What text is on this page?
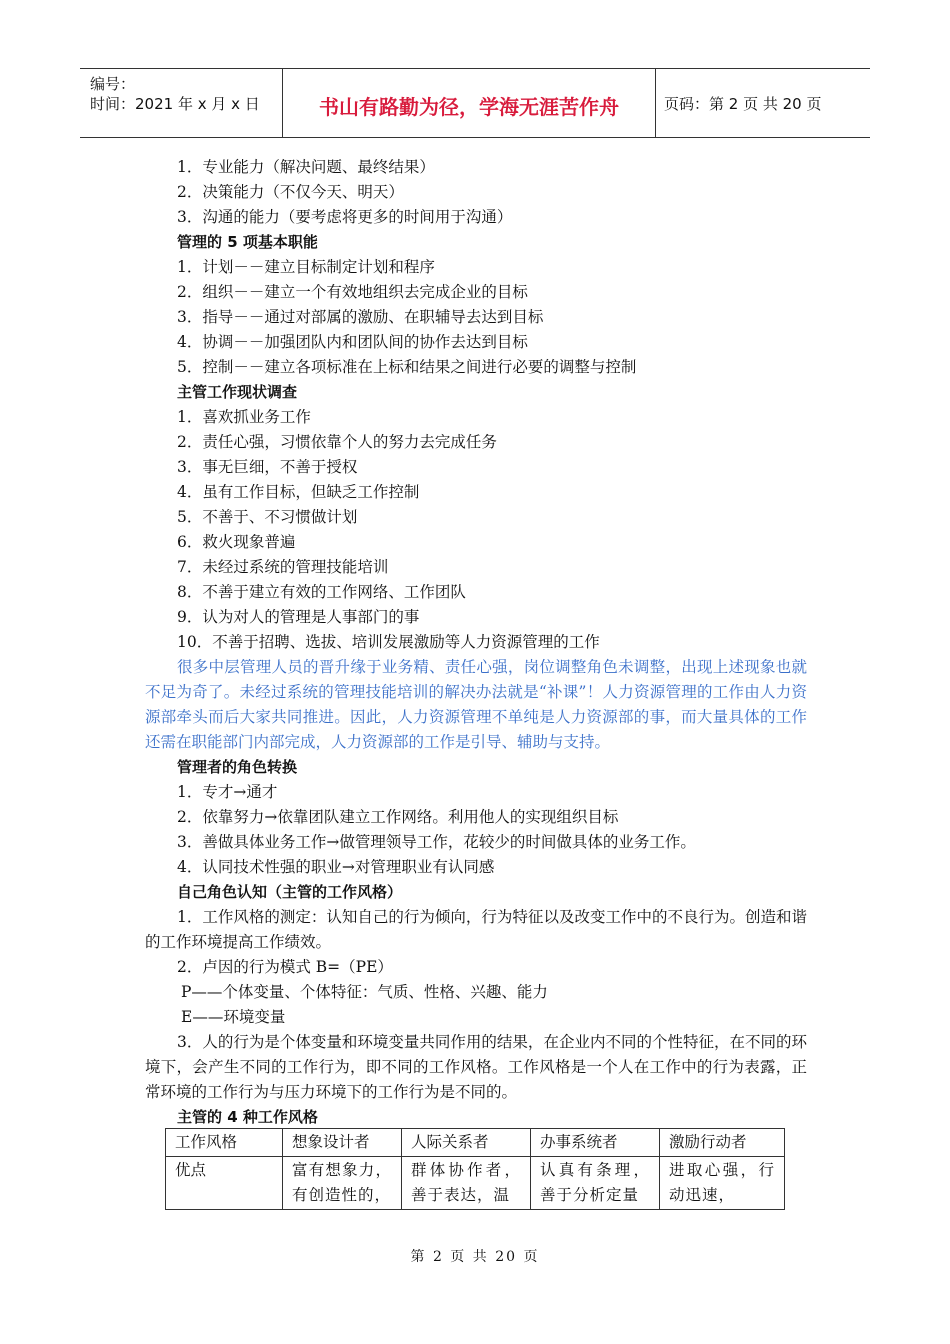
编号：
时间：2021 年 x 月 x 日	书山有路勤为径，学海无涯苦作舟	页码：第 2 页 共 20 页
1．专业能力（解决问题、最终结果）
2．决策能力（不仅今天、明天）
3．沟通的能力（要考虑将更多的时间用于沟通）
管理的 5 项基本职能
1．计划－－建立目标制定计划和程序
2．组织－－建立一个有效地组织去完成企业的目标
3．指导－－通过对部属的激励、在职辅导去达到目标
4．协调－－加强团队内和团队间的协作去达到目标
5．控制－－建立各项标准在上标和结果之间进行必要的调整与控制
主管工作现状调查
1．喜欢抓业务工作
2．责任心强，习惯依靠个人的努力去完成任务
3．事无巨细，不善于授权
4．虽有工作目标，但缺乏工作控制
5．不善于、不习惯做计划
6．救火现象普遍
7．未经过系统的管理技能培训
8．不善于建立有效的工作网络、工作团队
9．认为对人的管理是人事部门的事
10．不善于招聘、选拔、培训发展激励等人力资源管理的工作
很多中层管理人员的晋升缘于业务精、责任心强，岗位调整角色未调整，出现上述现象也就不足为奇了。未经过系统的管理技能培训的解决办法就是“补课”！人力资源管理的工作由人力资源部牵头而后大家共同推进。因此，人力资源管理不单纯是人力资源部的事，而大量具体的工作还需在职能部门内部完成，人力资源部的工作是引导、辅助与支持。
管理者的角色转换
1．专才→通才
2．依靠努力→依靠团队建立工作网络。利用他人的实现组织目标
3．善做具体业务工作→做管理领导工作，花较少的时间做具体的业务工作。
4．认同技术性强的职业→对管理职业有认同感
自己角色认知（主管的工作风格）
1．工作风格的测定：认知自己的行为倾向，行为特征以及改变工作中的不良行为。创造和谐的工作环境提高工作绩效。
2．卢因的行为模式 B=（PE）
P——个体变量、个体特征：气质、性格、兴趣、能力
E——环境变量
3．人的行为是个体变量和环境变量共同作用的结果，在企业内不同的个性特征，在不同的环境下，会产生不同的工作行为，即不同的工作风格。工作风格是一个人在工作中的行为表露，正常环境的工作行为与压力环境下的工作行为是不同的。
主管的 4 种工作风格
工作风格	想象设计者	人际关系者	办事系统者	激励行动者
优点	富有想象力，有创造性的，	群体协作者，善于表达，温	认真有条理，善于分析定量	进取心强，行动迅速，
第 2 页 共 20 页
